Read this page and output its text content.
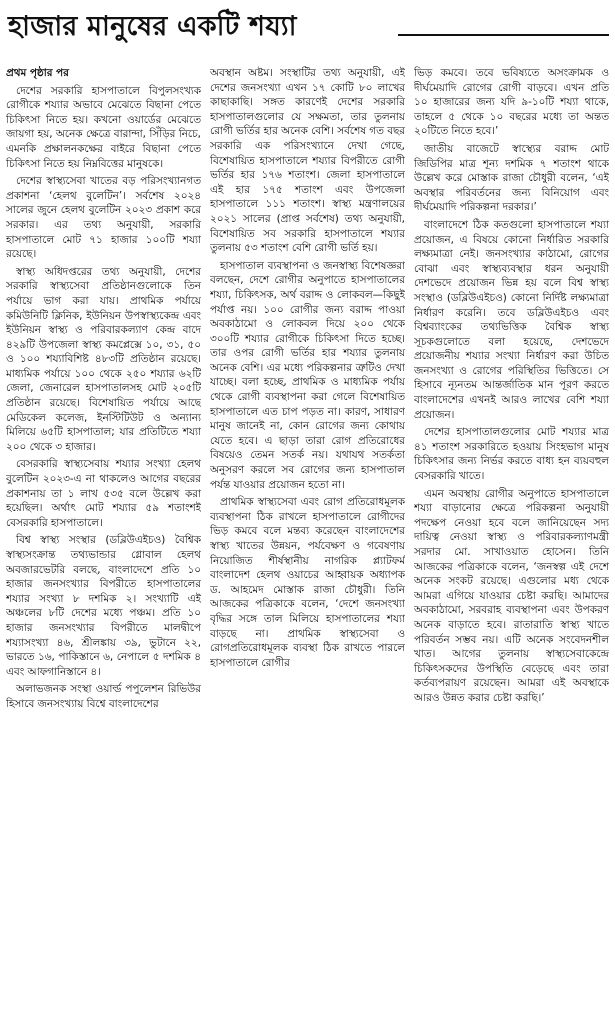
হাজার মানুষের একটি শয্যা

প্রথম পৃষ্ঠার পর

দেশের সরকারি হাসপাতালে বিপুলসংখ্যক রোগীকে শয্যার অভাবে মেঝেতে বিছানা পেতে চিকিৎসা নিতে হয়। কখনো ওয়ার্ডের মেঝেতে জায়গা হয়, অনেক ক্ষেত্রে বারান্দা, সিঁড়ির নিচে, এমনকি প্রক্ষালনকক্ষের বাইরে বিছানা পেতে চিকিৎসা নিতে হয় নিম্নবিত্তের মানুষকে।

দেশের স্বাস্থ্যসেবা খাতের বড় পরিসংখ্যানগত প্রকাশনা ‘হেলথ বুলেটিন’। সর্বশেষ ২০২৪ সালের জুনে হেলথ বুলেটিন ২০২৩ প্রকাশ করে সরকার। এর তথ্য অনুযায়ী, সরকারি হাসপাতালে মোট ৭১ হাজার ১০০টি শয্যা রয়েছে।

স্বাস্থ্য অধিদপ্তরের তথ্য অনুযায়ী, দেশের সরকারি স্বাস্থ্যসেবা প্রতিষ্ঠানগুলোকে তিন পর্যায়ে ভাগ করা যায়। প্রাথমিক পর্যায়ে কমিউনিটি ক্লিনিক, ইউনিয়ন উপস্বাস্থ্যকেন্দ্র এবং ইউনিয়ন স্বাস্থ্য ও পরিবারকল্যাণ কেন্দ্র বাদে ৪২৯টি উপজেলা স্বাস্থ্য কমপ্লেক্সে ১০, ৩১, ৫০ ও ১০০ শয্যাবিশিষ্ট ৪৮৩টি প্রতিষ্ঠান রয়েছে। মাধ্যমিক পর্যায়ে ১০০ থেকে ২৫০ শয্যার ৬২টি জেলা, জেনারেল হাসপাতালসহ মোট ২০৫টি প্রতিষ্ঠান রয়েছে। বিশেষায়িত পর্যায়ে আছে মেডিকেল কলেজ, ইনস্টিটিউট ও অন্যান্য মিলিয়ে ৬৫টি হাসপাতাল; যার প্রতিটিতে শয্যা ২০০ থেকে ৩ হাজার।

বেসরকারি স্বাস্থ্যসেবায় শয্যার সংখ্যা হেলথ বুলেটিন ২০২৩-এ না থাকলেও আগের বছরের প্রকাশনায় তা ১ লাখ ৫৩৫ বলে উল্লেখ করা হয়েছিল। অর্থাৎ মোট শয্যার ৫৯ শতাংশই বেসরকারি হাসপাতালে।

বিশ্ব স্বাস্থ্য সংস্থার (ডব্লিউএইচও) বৈশ্বিক স্বাস্থ্যসংক্রান্ত তথ্যভান্ডার গ্লোবাল হেলথ অবজারভেটরি বলছে, বাংলাদেশে প্রতি ১০ হাজার জনসংখ্যার বিপরীতে হাসপাতালের শয্যার সংখ্যা ৮ দশমিক ২। সংখ্যাটি এই অঞ্চলের ৮টি দেশের মধ্যে পঞ্চম। প্রতি ১০ হাজার জনসংখ্যার বিপরীতে মালদ্বীপে শয্যাসংখ্যা ৪৬, শ্রীলঙ্কায় ৩৯, ভুটানে ২২, ভারতে ১৬, পাকিস্তানে ৬, নেপালে ৫ দশমিক ৪ এবং আফগানিস্তানে ৪।

অলাভজনক সংস্থা ওয়ার্ল্ড পপুলেশন রিভিউর হিসাবে জনসংখ্যায় বিশ্বে বাংলাদেশের

অবস্থান অষ্টম। সংস্থাটির তথ্য অনুযায়ী, এই দেশের জনসংখ্যা এখন ১৭ কোটি ৮০ লাখের কাছাকাছি। সঙ্গত কারণেই দেশের সরকারি হাসপাতালগুলোর যে সক্ষমতা, তার তুলনায় রোগী ভর্তির হার অনেক বেশি। সর্বশেষ গত বছর সরকারি এক পরিসংখ্যানে দেখা গেছে, বিশেষায়িত হাসপাতালে শয্যার বিপরীতে রোগী ভর্তির হার ১৭৬ শতাংশ। জেলা হাসপাতালে এই হার ১৭৫ শতাংশ এবং উপজেলা হাসপাতালে ১১১ শতাংশ। স্বাস্থ্য মন্ত্রণালয়ের ২০২১ সালের (প্রাপ্ত সর্বশেষ) তথ্য অনুযায়ী, বিশেষায়িত সব সরকারি হাসপাতালে শয্যার তুলনায় ৫৩ শতাংশ বেশি রোগী ভর্তি হয়।

হাসপাতাল ব্যবস্থাপনা ও জনস্বাস্থ্য বিশেষজ্ঞরা বলছেন, দেশে রোগীর অনুপাতে হাসপাতালের শয্যা, চিকিৎসক, অর্থ বরাদ্দ ও লোকবল—কিছুই পর্যাপ্ত নয়। ১০০ রোগীর জন্য বরাদ্দ পাওয়া অবকাঠামো ও লোকবল দিয়ে ২০০ থেকে ৩০০টি শয্যার রোগীকে চিকিৎসা দিতে হচ্ছে। তার ওপর রোগী ভর্তির হার শয্যার তুলনায় অনেক বেশি। এর মধ্যে পরিকল্পনার ত্রুটিও দেখা যাচ্ছে। বলা হচ্ছে, প্রাথমিক ও মাধ্যমিক পর্যায় থেকে রোগী ব্যবস্থাপনা করা গেলে বিশেষায়িত হাসপাতালে এত চাপ পড়ত না। কারণ, সাধারণ মানুষ জানেই না, কোন রোগের জন্য কোথায় যেতে হবে। এ ছাড়া তারা রোগ প্রতিরোধের বিষয়েও তেমন সতর্ক নয়। যথাযথ সতর্কতা অনুসরণ করলে সব রোগের জন্য হাসপাতাল পর্যন্ত যাওয়ার প্রয়োজন হতো না।

প্রাথমিক স্বাস্থ্যসেবা এবং রোগ প্রতিরোধমূলক ব্যবস্থাপনা ঠিক রাখলে হাসপাতালে রোগীদের ভিড় কমবে বলে মন্তব্য করেছেন বাংলাদেশের স্বাস্থ্য খাতের উন্নয়ন, পর্যবেক্ষণ ও গবেষণায় নিয়োজিত শীর্ষস্থানীয় নাগরিক প্ল্যাটফর্ম বাংলাদেশ হেলথ ওয়াচের আহ্বায়ক অধ্যাপক ড. আহমেদ মোস্তাক রাজা চৌধুরী। তিনি আজকের পত্রিকাকে বলেন, ‘দেশে জনসংখ্যা বৃদ্ধির সঙ্গে তাল মিলিয়ে হাসপাতালের শয্যা বাড়ছে না। প্রাথমিক স্বাস্থ্যসেবা ও রোগপ্রতিরোধমূলক ব্যবস্থা ঠিক রাখতে পারলে হাসপাতালে রোগীর

ভিড় কমবে। তবে ভবিষ্যতে অসংক্রামক ও দীর্ঘমেয়াদি রোগের রোগী বাড়বে। এখন প্রতি ১০ হাজারের জন্য যদি ৯-১০টি শয্যা থাকে, তাহলে ৫ থেকে ১০ বছরের মধ্যে তা অন্তত ২০টিতে নিতে হবে।’

জাতীয় বাজেটে স্বাস্থ্যের বরাদ্দ মোট জিডিপির মাত্র শূন্য দশমিক ৭ শতাংশ থাকে উল্লেখ করে মোস্তাক রাজা চৌধুরী বলেন, ‘এই অবস্থার পরিবর্তনের জন্য বিনিয়োগ এবং দীর্ঘমেয়াদি পরিকল্পনা দরকার।’

বাংলাদেশে ঠিক কতগুলো হাসপাতালে শয্যা প্রয়োজন, এ বিষয়ে কোনো নির্ধারিত সরকারি লক্ষ্যমাত্রা নেই। জনসংখ্যার কাঠামো, রোগের বোঝা এবং স্বাস্থ্যব্যবস্থার ধরন অনুযায়ী দেশভেদে প্রয়োজন ভিন্ন হয় বলে বিশ্ব স্বাস্থ্য সংস্থাও (ডব্লিউএইচও) কোনো নির্দিষ্ট লক্ষ্যমাত্রা নির্ধারণ করেনি। তবে ডব্লিউএইচও এবং বিশ্বব্যাংকের তথ্যভিত্তিক বৈশ্বিক স্বাস্থ্য সূচকগুলোতে বলা হয়েছে, দেশভেদে প্রয়োজনীয় শয্যার সংখ্যা নির্ধারণ করা উচিত জনসংখ্যা ও রোগের পরিস্থিতির ভিত্তিতে। সে হিসাবে ন্যূনতম আন্তর্জাতিক মান পূরণ করতে বাংলাদেশের এখনই আরও লাখের বেশি শয্যা প্রয়োজন।

দেশের হাসপাতালগুলোর মোট শয্যার মাত্র ৪১ শতাংশ সরকারিতে হওয়ায় সিংহভাগ মানুষ চিকিৎসার জন্য নির্ভর করতে বাধ্য হন ব্যয়বহুল বেসরকারি খাতে।

এমন অবস্থায় রোগীর অনুপাতে হাসপাতালে শয্যা বাড়ানোর ক্ষেত্রে পরিকল্পনা অনুযায়ী পদক্ষেপ নেওয়া হবে বলে জানিয়েছেন সদ্য দায়িত্ব নেওয়া স্বাস্থ্য ও পরিবারকল্যাণমন্ত্রী সরদার মো. সাখাওয়াত হোসেন। তিনি আজকের পত্রিকাকে বলেন, ‘জনস্বল্প এই দেশে অনেক সংকট রয়েছে। এগুলোর মধ্য থেকে আমরা এগিয়ে যাওয়ার চেষ্টা করছি। আমাদের অবকাঠামো, সরবরাহ ব্যবস্থাপনা এবং উপকরণ অনেক বাড়াতে হবে। রাতারাতি স্বাস্থ্য খাতে পরিবর্তন সম্ভব নয়। এটি অনেক সংবেদনশীল খাত। আগের তুলনায় স্বাস্থ্যসেবাকেন্দ্রে চিকিৎসকদের উপস্থিতি বেড়েছে এবং তারা কর্তব্যপরায়ণ রয়েছেন। আমরা এই অবস্থাকে আরও উন্নত করার চেষ্টা করছি।’
